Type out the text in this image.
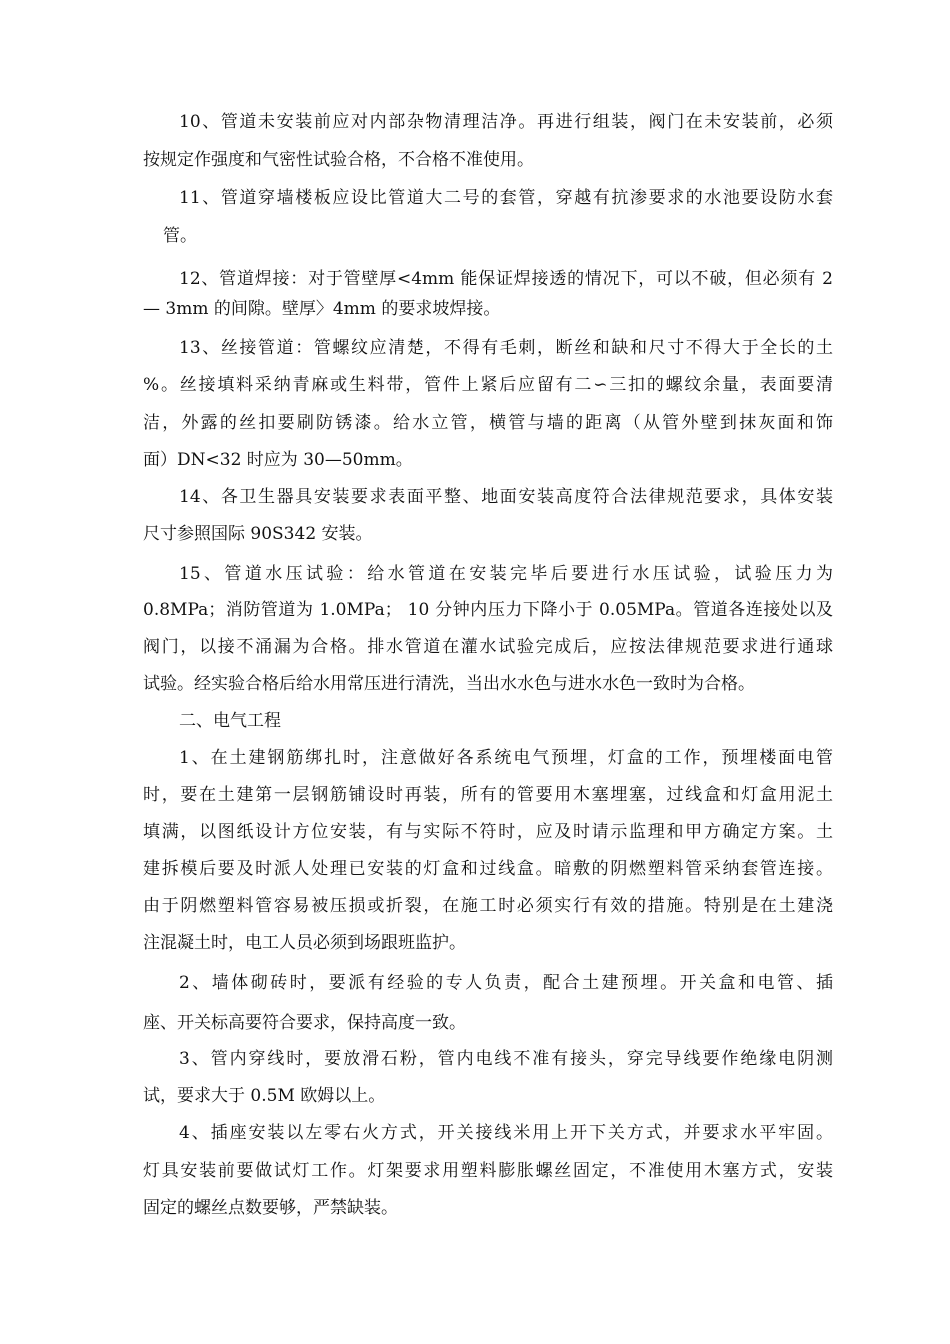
10、管道未安装前应对内部杂物清理洁净。再进行组装，阀门在未安装前，必须
按规定作强度和气密性试验合格，不合格不准使用。
11、管道穿墙楼板应设比管道大二号的套管，穿越有抗渗要求的水池要设防水套
管。
12、管道焊接：对于管壁厚<4mm 能保证焊接透的情况下，可以不破，但必须有 2
— 3mm 的间隙。壁厚〉4mm 的要求坡焊接。
13、丝接管道：管螺纹应清楚，不得有毛刺，断丝和缺和尺寸不得大于全长的土
%。丝接填料采纳青麻或生料带，管件上紧后应留有二∽三扣的螺纹余量，表面要清
洁，外露的丝扣要刷防锈漆。给水立管，横管与墙的距离（从管外壁到抹灰面和饰
面）DN<32 时应为 30—50mm。
14、各卫生器具安装要求表面平整、地面安装高度符合法律规范要求，具体安装
尺寸参照国际 90S342 安装。
15、管道水压试验：给水管道在安装完毕后要进行水压试验，试验压力为
0.8MPa；消防管道为 1.0MPa； 10 分钟内压力下降小于 0.05MPa。管道各连接处以及
阀门，以接不涌漏为合格。排水管道在灌水试验完成后，应按法律规范要求进行通球
试验。经实验合格后给水用常压进行清洗，当出水水色与进水水色一致时为合格。
二、电气工程
1、在土建钢筋绑扎时，注意做好各系统电气预埋，灯盒的工作，预埋楼面电管
时，要在土建第一层钢筋铺设时再装，所有的管要用木塞埋塞，过线盒和灯盒用泥土
填满，以图纸设计方位安装，有与实际不符时，应及时请示监理和甲方确定方案。土
建拆模后要及时派人处理已安装的灯盒和过线盒。暗敷的阴燃塑料管采纳套管连接。
由于阴燃塑料管容易被压损或折裂，在施工时必须实行有效的措施。特别是在土建浇
注混凝土时，电工人员必须到场跟班监护。
2、墙体砌砖时，要派有经验的专人负责，配合土建预埋。开关盒和电管、插
座、开关标高要符合要求，保持高度一致。
3、管内穿线时，要放滑石粉，管内电线不准有接头，穿完导线要作绝缘电阴测
试，要求大于 0.5M 欧姆以上。
4、插座安装以左零右火方式，开关接线米用上开下关方式，并要求水平牢固。
灯具安装前要做试灯工作。灯架要求用塑料膨胀螺丝固定，不准使用木塞方式，安装
固定的螺丝点数要够，严禁缺装。
